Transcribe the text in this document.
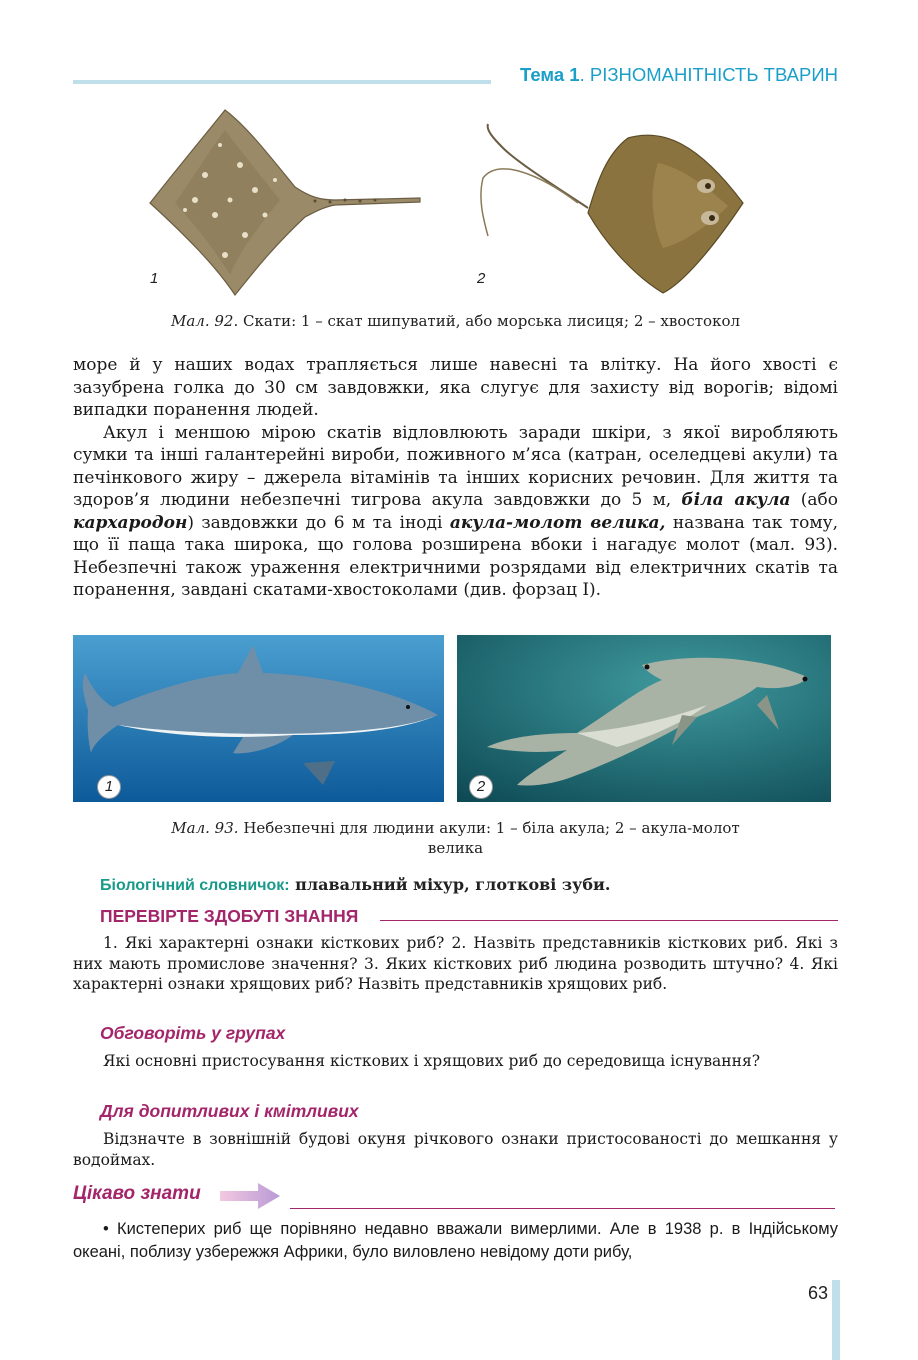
Тема 1. РІЗНОМАНІТНІСТЬ ТВАРИН
1	2
Мал. 92. Скати: 1 – скат шипуватий, або морська лисиця; 2 – хвостокол

море й у наших водах трапляється лише навесні та влітку. На його хвості є зазубрена голка до 30 см завдовжки, яка слугує для захисту від ворогів; відомі випадки поранення людей.

Акул і меншою мірою скатів відловлюють заради шкіри, з якої виробляють сумки та інші галантерейні вироби, поживного м’яса (катран, оселедцеві акули) та печінкового жиру – джерела вітамінів та інших корисних речовин. Для життя та здоров’я людини небезпечні тигрова акула завдовжки до 5 м, біла акула (або кархародон) завдовжки до 6 м та іноді акула-молот велика, названа так тому, що її паща така широка, що голова розширена вбоки і нагадує молот (мал. 93). Небезпечні також ураження електричними розрядами від електричних скатів та поранення, завдані скатами-хвостоколами (див. форзац І).

1	2
Мал. 93. Небезпечні для людини акули: 1 – біла акула; 2 – акула-молот
велика
Біологічний словничок: плавальний міхур, глоткові зуби.
ПЕРЕВІРТЕ ЗДОБУТІ ЗНАННЯ

1. Які характерні ознаки кісткових риб? 2. Назвіть представників кісткових риб. Які з них мають промислове значення? 3. Яких кісткових риб людина розводить штучно? 4. Які характерні ознаки хрящових риб? Назвіть представників хрящових риб.

Обговоріть у групах

Які основні пристосування кісткових і хрящових риб до середовища існування?

Для допитливих і кмітливих

Відзначте в зовнішній будові окуня річкового ознаки пристосованості до мешкання у водоймах.

Цікаво знати

• Кистеперих риб ще порівняно недавно вважали вимерлими. Але в 1938 р. в Індійському океані, поблизу узбережжя Африки, було виловлено невідому доти рибу,

63
